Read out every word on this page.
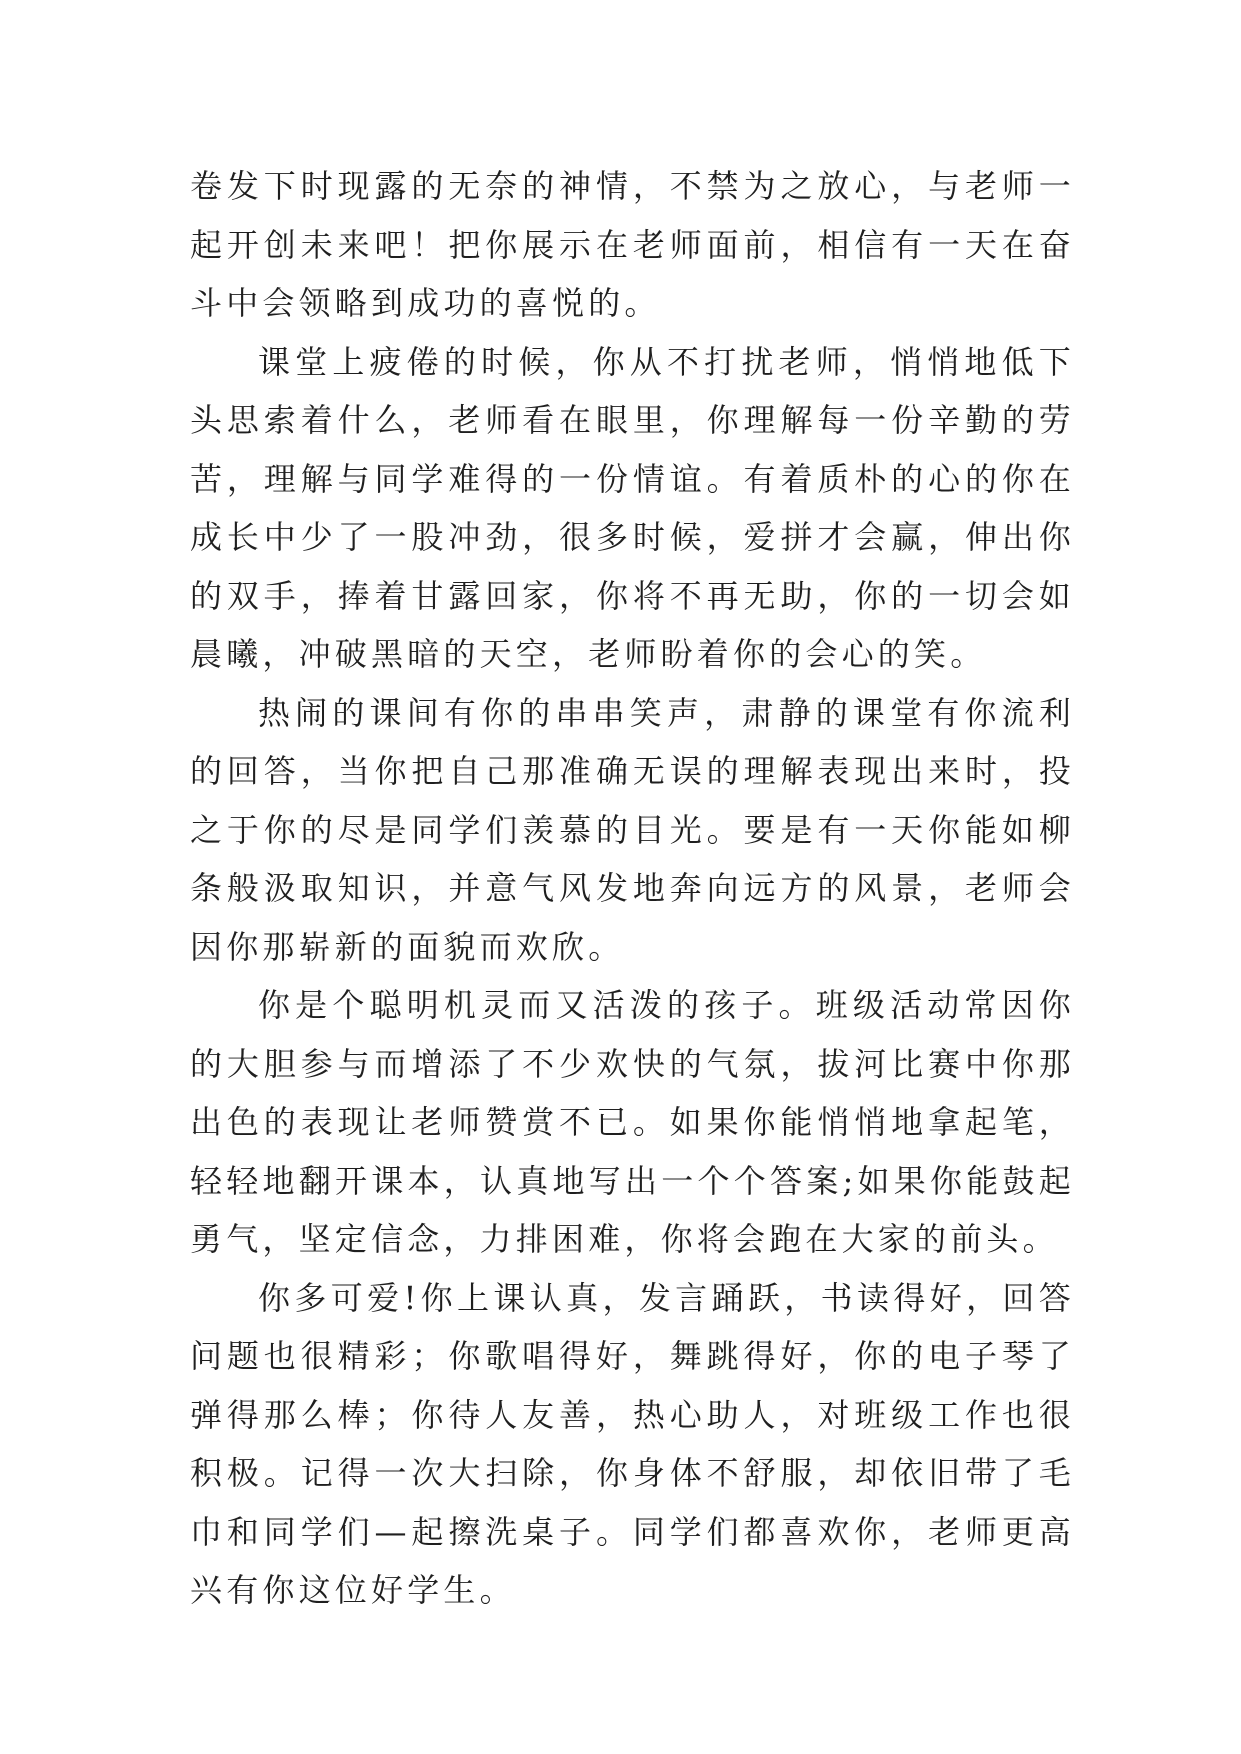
卷发下时现露的无奈的神情，不禁为之放心，与老师一起开创未来吧！把你展示在老师面前，相信有一天在奋斗中会领略到成功的喜悦的。

课堂上疲倦的时候，你从不打扰老师，悄悄地低下头思索着什么，老师看在眼里，你理解每一份辛勤的劳苦，理解与同学难得的一份情谊。有着质朴的心的你在成长中少了一股冲劲，很多时候，爱拼才会赢，伸出你的双手，捧着甘露回家，你将不再无助，你的一切会如晨曦，冲破黑暗的天空，老师盼着你的会心的笑。

热闹的课间有你的串串笑声，肃静的课堂有你流利的回答，当你把自己那准确无误的理解表现出来时，投之于你的尽是同学们羡慕的目光。要是有一天你能如柳条般汲取知识，并意气风发地奔向远方的风景，老师会因你那崭新的面貌而欢欣。

你是个聪明机灵而又活泼的孩子。班级活动常因你的大胆参与而增添了不少欢快的气氛，拔河比赛中你那出色的表现让老师赞赏不已。如果你能悄悄地拿起笔，轻轻地翻开课本，认真地写出一个个答案;如果你能鼓起勇气，坚定信念，力排困难，你将会跑在大家的前头。

你多可爱!你上课认真，发言踊跃，书读得好，回答问题也很精彩；你歌唱得好，舞跳得好，你的电子琴了弹得那么棒；你待人友善，热心助人，对班级工作也很积极。记得一次大扫除，你身体不舒服，却依旧带了毛巾和同学们—起擦洗桌子。同学们都喜欢你，老师更高兴有你这位好学生。
